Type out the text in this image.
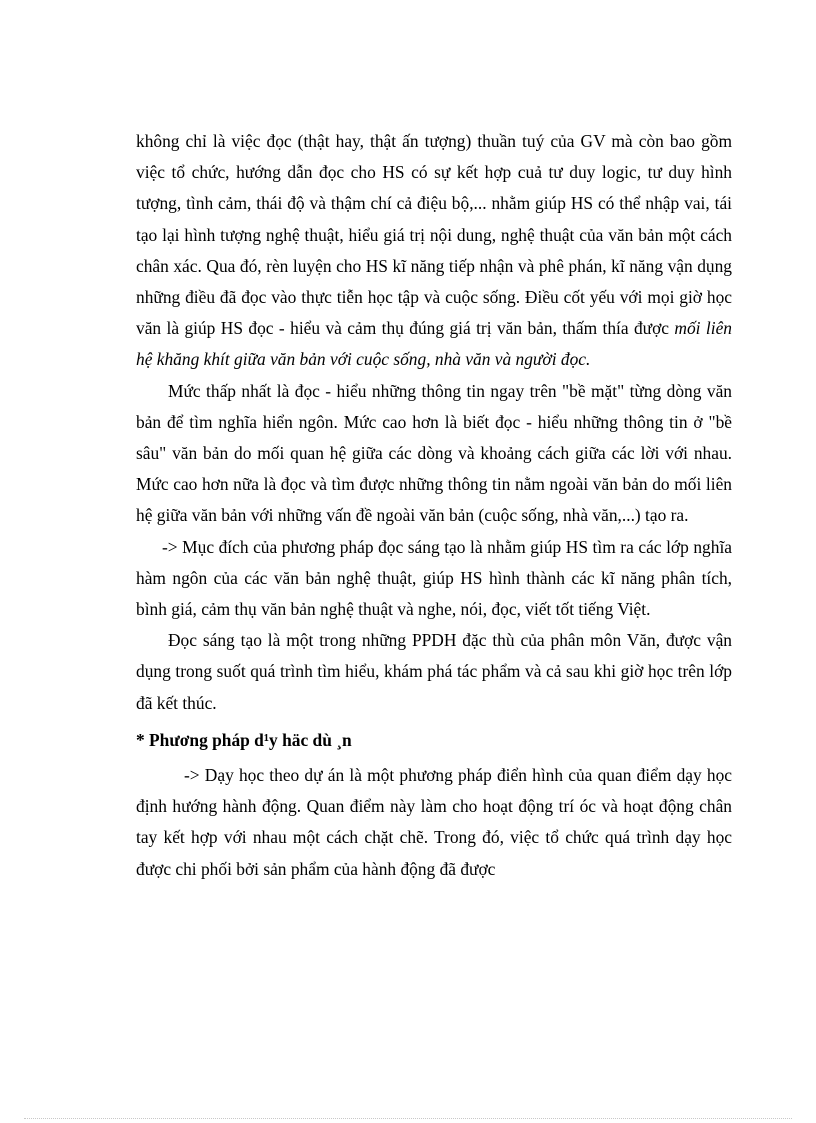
không chỉ là việc đọc (thật hay, thật ấn tượng) thuần tuý của GV mà còn bao gồm việc tổ chức, hướng dẫn đọc cho HS có sự kết hợp cuả tư duy logic, tư duy hình tượng, tình cảm, thái độ và thậm chí cả điệu bộ,... nhằm giúp HS có thể nhập vai, tái tạo lại hình tượng nghệ thuật, hiểu giá trị nội dung, nghệ thuật của văn bản một cách chân xác. Qua đó, rèn luyện cho HS kĩ năng tiếp nhận và phê phán, kĩ năng vận dụng những điều đã đọc vào thực tiễn học tập và cuộc sống. Điều cốt yếu với mọi giờ học văn là giúp HS đọc - hiểu và cảm thụ đúng giá trị văn bản, thấm thía được mối liên hệ khăng khít giữa văn bản với cuộc sống, nhà văn và người đọc.

Mức thấp nhất là đọc - hiểu những thông tin ngay trên "bề mặt" từng dòng văn bản để tìm nghĩa hiển ngôn. Mức cao hơn là biết đọc - hiểu những thông tin ở "bề sâu" văn bản do mối quan hệ giữa các dòng và khoảng cách giữa các lời với nhau. Mức cao hơn nữa là đọc và tìm được những thông tin nằm ngoài văn bản do mối liên hệ giữa văn bản với những vấn đề ngoài văn bản (cuộc sống, nhà văn,...) tạo ra.

-> Mục đích của phương pháp đọc sáng tạo là nhằm giúp HS tìm ra các lớp nghĩa hàm ngôn của các văn bản nghệ thuật, giúp HS hình thành các kĩ năng phân tích, bình giá, cảm thụ văn bản nghệ thuật và nghe, nói, đọc, viết tốt tiếng Việt.

Đọc sáng tạo là một trong những PPDH đặc thù của phân môn Văn, được vận dụng trong suốt quá trình tìm hiểu, khám phá tác phẩm và cả sau khi giờ học trên lớp đã kết thúc.

* Phương pháp d¹y häc dù ¸n

-> Dạy học theo dự án là một phương pháp điển hình của quan điểm dạy học định hướng hành động. Quan điểm này làm cho hoạt động trí óc và hoạt động chân tay kết hợp với nhau một cách chặt chẽ. Trong đó, việc tổ chức quá trình dạy học được chi phối bởi sản phẩm của hành động đã được
